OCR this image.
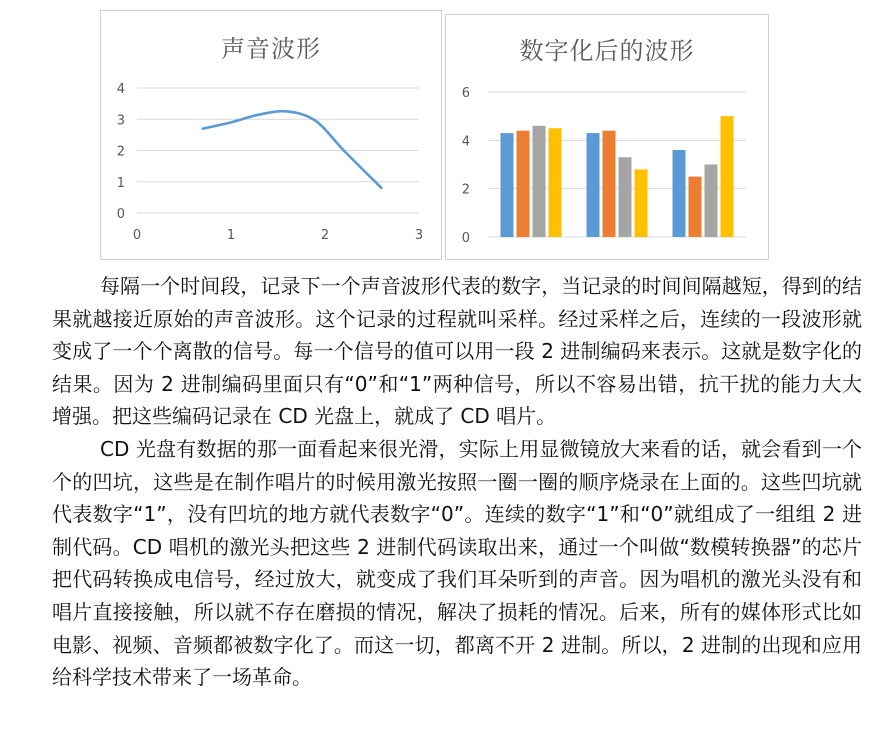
声音波形
0
1
2
3
4
0	1	2	3
数字化后的波形
0
2
4
6

每隔一个时间段，记录下一个声音波形代表的数字，当记录的时间间隔越短，得到的结果就越接近原始的声音波形。这个记录的过程就叫采样。经过采样之后，连续的一段波形就变成了一个个离散的信号。每一个信号的值可以用一段 2 进制编码来表示。这就是数字化的结果。因为 2 进制编码里面只有“0”和“1”两种信号，所以不容易出错，抗干扰的能力大大增强。把这些编码记录在 CD 光盘上，就成了 CD 唱片。

CD 光盘有数据的那一面看起来很光滑，实际上用显微镜放大来看的话，就会看到一个个的凹坑，这些是在制作唱片的时候用激光按照一圈一圈的顺序烧录在上面的。这些凹坑就代表数字“1”，没有凹坑的地方就代表数字“0”。连续的数字“1”和“0”就组成了一组组 2 进制代码。CD 唱机的激光头把这些 2 进制代码读取出来，通过一个叫做“数模转换器”的芯片把代码转换成电信号，经过放大，就变成了我们耳朵听到的声音。因为唱机的激光头没有和唱片直接接触，所以就不存在磨损的情况，解决了损耗的情况。后来，所有的媒体形式比如电影、视频、音频都被数字化了。而这一切，都离不开 2 进制。所以，2 进制的出现和应用给科学技术带来了一场革命。
